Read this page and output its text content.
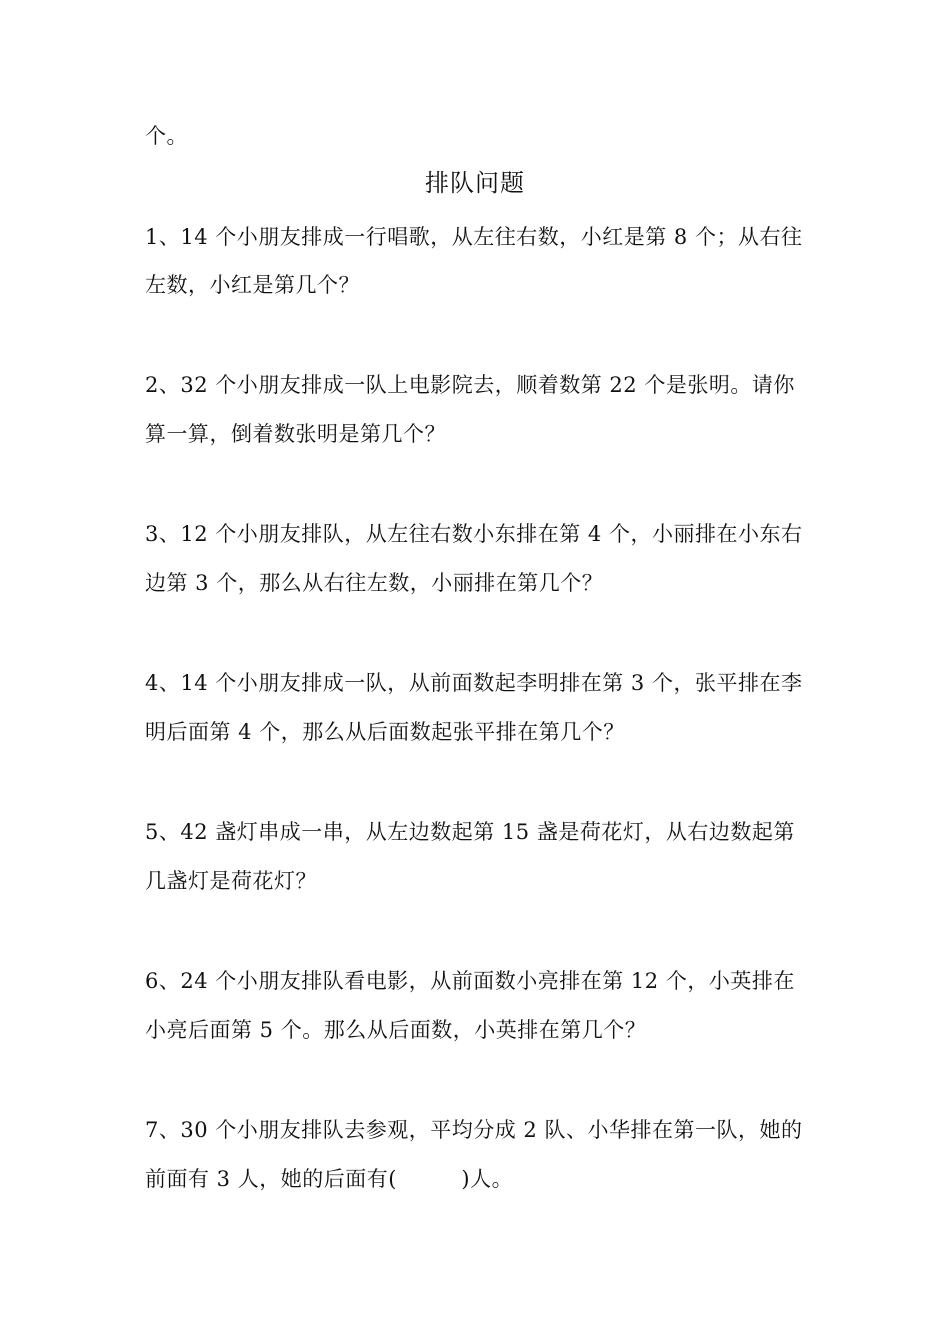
个。
排队问题
1、14 个小朋友排成一行唱歌，从左往右数，小红是第 8 个；从右往
左数，小红是第几个？
2、32 个小朋友排成一队上电影院去，顺着数第 22 个是张明。请你
算一算，倒着数张明是第几个？
3、12 个小朋友排队，从左往右数小东排在第 4 个，小丽排在小东右
边第 3 个，那么从右往左数，小丽排在第几个？
4、14 个小朋友排成一队，从前面数起李明排在第 3 个，张平排在李
明后面第 4 个，那么从后面数起张平排在第几个？
5、42 盏灯串成一串，从左边数起第 15 盏是荷花灯，从右边数起第
几盏灯是荷花灯？
6、24 个小朋友排队看电影，从前面数小亮排在第 12 个，小英排在
小亮后面第 5 个。那么从后面数，小英排在第几个？
7、30 个小朋友排队去参观，平均分成 2 队、小华排在第一队，她的
前面有 3 人，她的后面有(　　　)人。
